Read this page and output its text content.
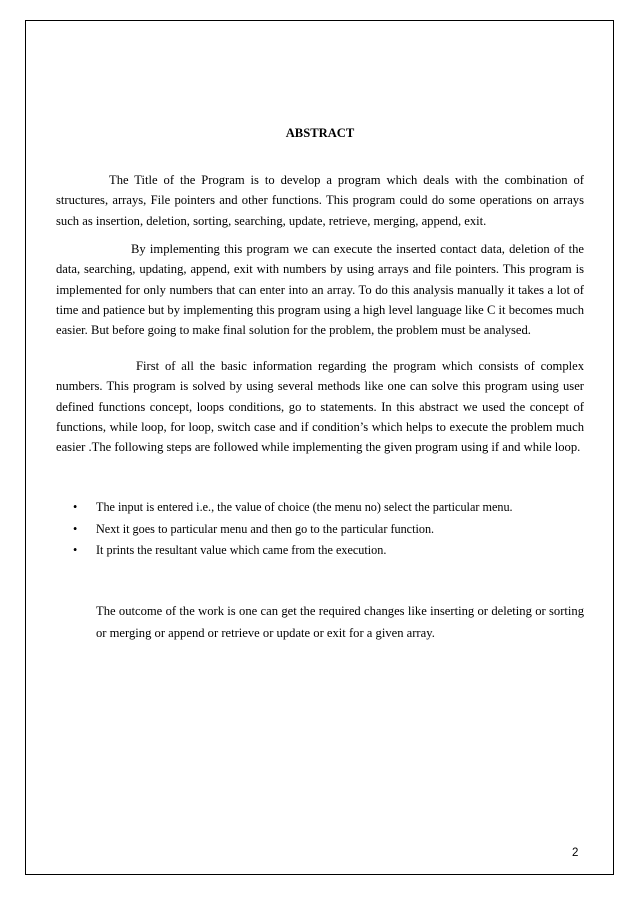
ABSTRACT

The Title of the Program is to develop a program which deals with the combination of structures, arrays, File pointers and other functions. This program could do some operations on arrays such as insertion, deletion, sorting, searching, update, retrieve, merging, append, exit.

By implementing this program we can execute the inserted contact data, deletion of the data, searching, updating, append, exit with numbers by using arrays and file pointers. This program is implemented for only numbers that can enter into an array. To do this analysis manually it takes a lot of time and patience but by implementing this program using a high level language like C it becomes much easier. But before going to make final solution for the problem, the problem must be analysed.

First of all the basic information regarding the program which consists of complex numbers. This program is solved by using several methods like one can solve this program using user defined functions concept, loops conditions, go to statements. In this abstract we used the concept of functions, while loop, for loop, switch case and if condition’s which helps to execute the problem much easier .The following steps are followed while implementing the given program using if and while loop.

• The input is entered i.e., the value of choice (the menu no) select the particular menu.
• Next it goes to particular menu and then go to the particular function.
• It prints the resultant value which came from the execution.

The outcome of the work is one can get the required changes like inserting or deleting or sorting or merging or append or retrieve or update or exit for a given array.

2
